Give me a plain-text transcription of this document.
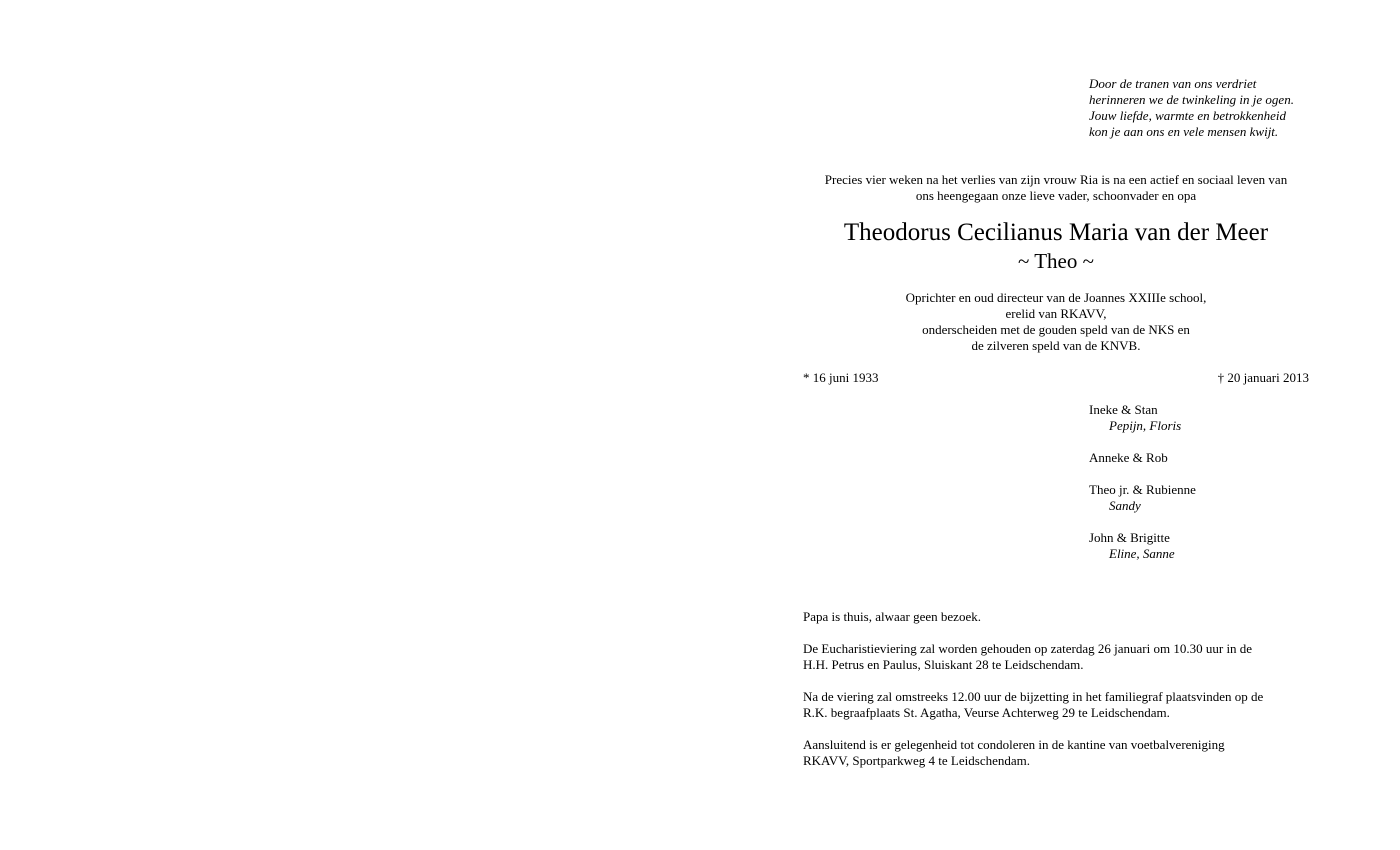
Door de tranen van ons verdriet
herinneren we de twinkeling in je ogen.
Jouw liefde, warmte en betrokkenheid
kon je aan ons en vele mensen kwijt.
Precies vier weken na het verlies van zijn vrouw Ria is na een actief en sociaal leven van
ons heengegaan onze lieve vader, schoonvader en opa
Theodorus Cecilianus Maria van der Meer
~ Theo ~
Oprichter en oud directeur van de Joannes XXIIIe school,
erelid van RKAVV,
onderscheiden met de gouden speld van de NKS en
de zilveren speld van de KNVB.
* 16 juni 1933	† 20 januari 2013
Ineke & Stan
Pepijn, Floris
Anneke & Rob
Theo jr. & Rubienne
Sandy
John & Brigitte
Eline, Sanne

Papa is thuis, alwaar geen bezoek.

De Eucharistieviering zal worden gehouden op zaterdag 26 januari om 10.30 uur in de
H.H. Petrus en Paulus, Sluiskant 28 te Leidschendam.

Na de viering zal omstreeks 12.00 uur de bijzetting in het familiegraf plaatsvinden op de
R.K. begraafplaats St. Agatha, Veurse Achterweg 29 te Leidschendam.

Aansluitend is er gelegenheid tot condoleren in de kantine van voetbalvereniging
RKAVV, Sportparkweg 4 te Leidschendam.
